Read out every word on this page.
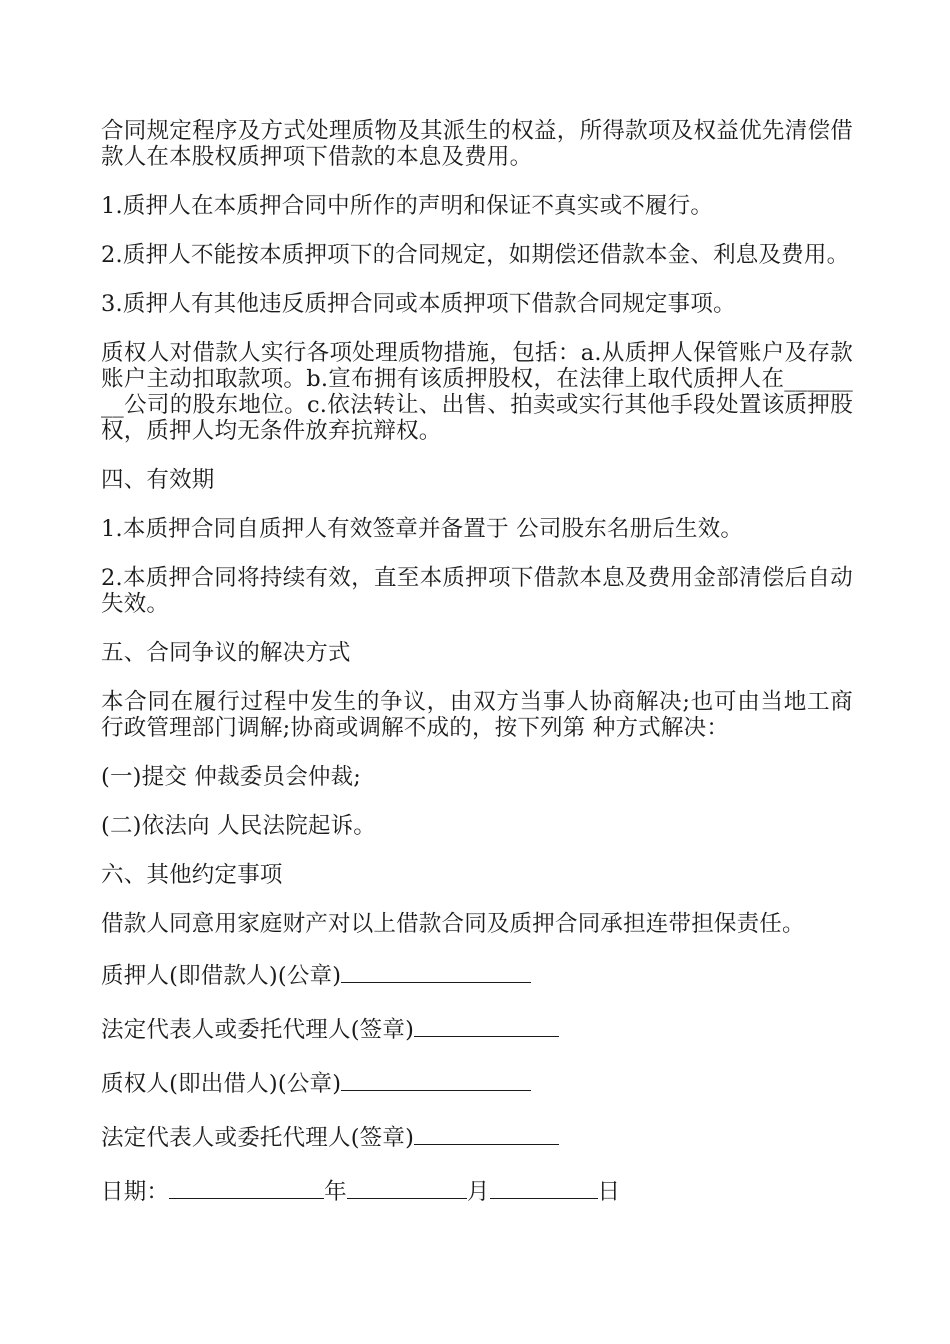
合同规定程序及方式处理质物及其派生的权益，所得款项及权益优先清偿借款人在本股权质押项下借款的本息及费用。

1.质押人在本质押合同中所作的声明和保证不真实或不履行。

2.质押人不能按本质押项下的合同规定，如期偿还借款本金、利息及费用。

3.质押人有其他违反质押合同或本质押项下借款合同规定事项。

质权人对借款人实行各项处理质物措施，包括：a.从质押人保管账户及存款账户主动扣取款项。b.宣布拥有该质押股权，在法律上取代质押人在________公司的股东地位。c.依法转让、出售、拍卖或实行其他手段处置该质押股权，质押人均无条件放弃抗辩权。

四、有效期

1.本质押合同自质押人有效签章并备置于 公司股东名册后生效。

2.本质押合同将持续有效，直至本质押项下借款本息及费用金部清偿后自动失效。

五、合同争议的解决方式

本合同在履行过程中发生的争议，由双方当事人协商解决;也可由当地工商行政管理部门调解;协商或调解不成的，按下列第 种方式解决：

(一)提交 仲裁委员会仲裁;

(二)依法向 人民法院起诉。

六、其他约定事项

借款人同意用家庭财产对以上借款合同及质押合同承担连带担保责任。

质押人(即借款人)(公章)
法定代表人或委托代理人(签章)
质权人(即出借人)(公章)
法定代表人或委托代理人(签章)
日期：	年	月	日
